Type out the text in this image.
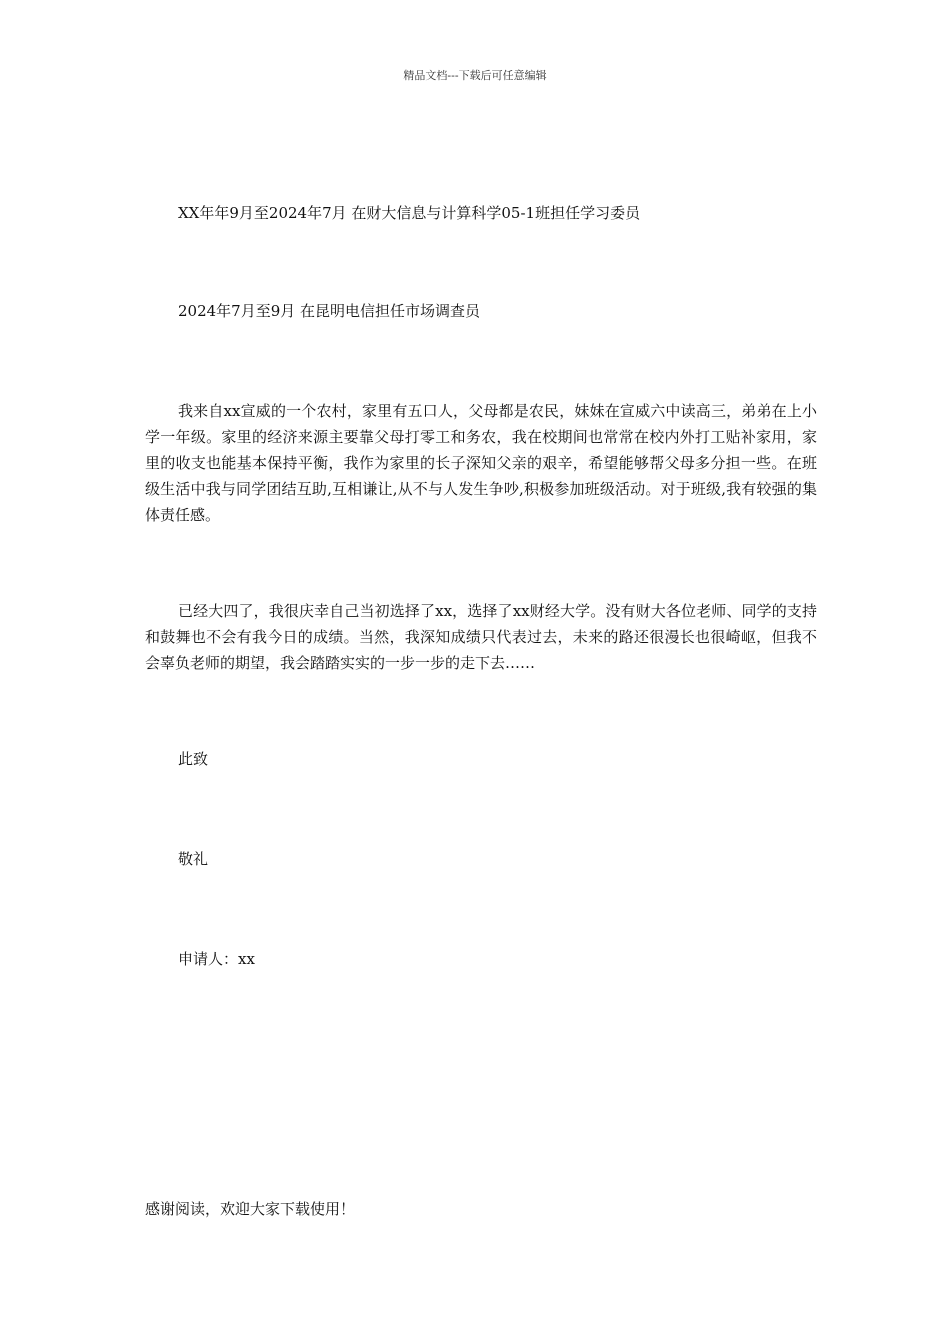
精品文档---下载后可任意编辑
XX年年9月至2024年7月 在财大信息与计算科学05-1班担任学习委员
2024年7月至9月 在昆明电信担任市场调查员
我来自xx宣威的一个农村，家里有五口人，父母都是农民，妹妹在宣威六中读高三，弟弟在上小学一年级。家里的经济来源主要靠父母打零工和务农，我在校期间也常常在校内外打工贴补家用，家里的收支也能基本保持平衡，我作为家里的长子深知父亲的艰辛，希望能够帮父母多分担一些。在班级生活中我与同学团结互助,互相谦让,从不与人发生争吵,积极参加班级活动。对于班级,我有较强的集体责任感。
已经大四了，我很庆幸自己当初选择了xx，选择了xx财经大学。没有财大各位老师、同学的支持和鼓舞也不会有我今日的成绩。当然，我深知成绩只代表过去，未来的路还很漫长也很崎岖，但我不会辜负老师的期望，我会踏踏实实的一步一步的走下去……
此致
敬礼
申请人：xx
感谢阅读，欢迎大家下载使用！
